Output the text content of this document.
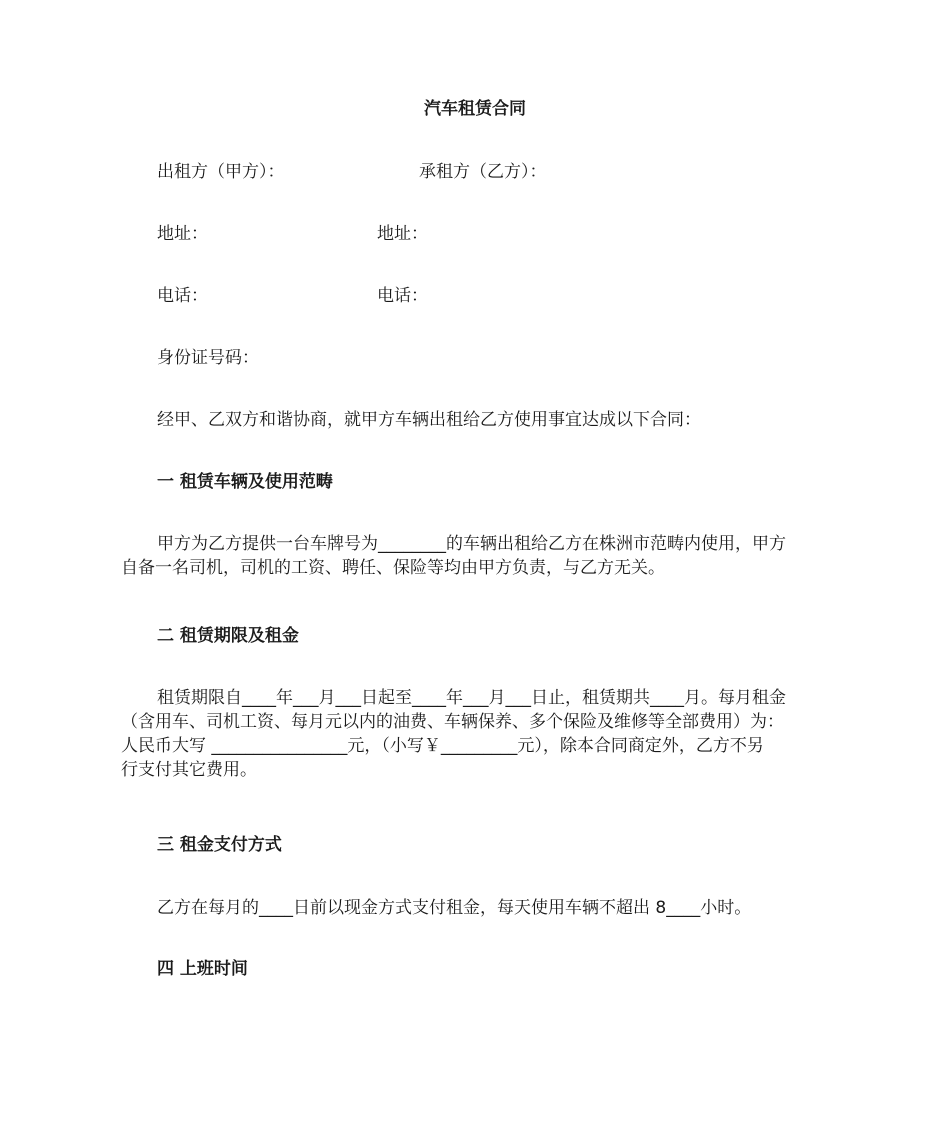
汽车租赁合同
出租方（甲方）：	承租方（乙方）：
地址：	地址：
电话：	电话：
身份证号码：
经甲、乙双方和谐协商，就甲方车辆出租给乙方使用事宜达成以下合同：
一 租赁车辆及使用范畴
甲方为乙方提供一台车牌号为________的车辆出租给乙方在株洲市范畴内使用，甲方
自备一名司机，司机的工资、聘任、保险等均由甲方负责，与乙方无关。
二 租赁期限及租金
租赁期限自____年___月___日起至____年___月___日止，租赁期共____月。每月租金
（含用车、司机工资、每月元以内的油费、车辆保养、多个保险及维修等全部费用）为：
人民币大写 ________________元，（小写￥_________元），除本合同商定外，乙方不另
行支付其它费用。
三 租金支付方式
乙方在每月的____日前以现金方式支付租金，每天使用车辆不超出 8____小时。
四 上班时间
